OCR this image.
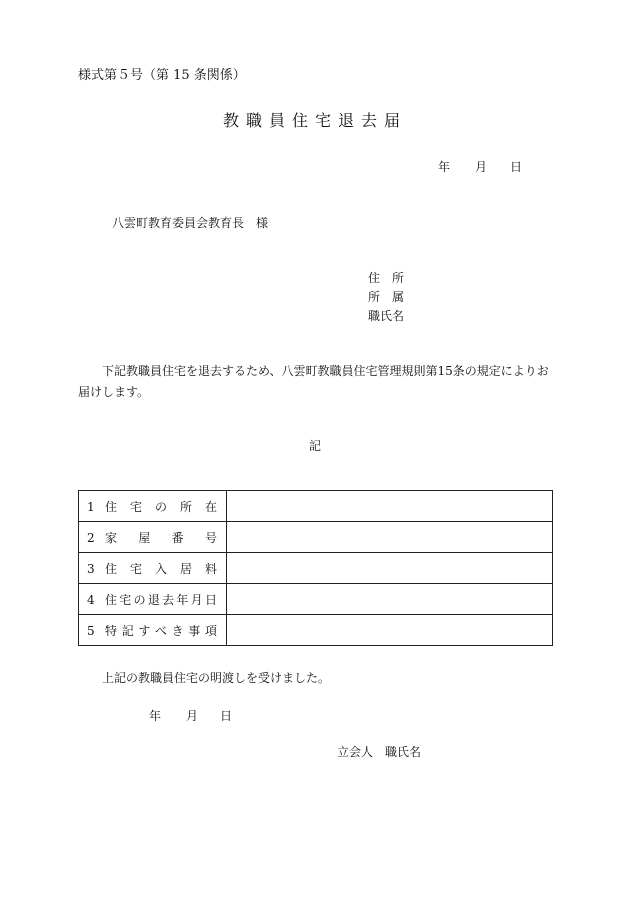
様式第５号（第 15 条関係）
教職員住宅退去届
年 月 日
八雲町教育委員会教育長　様
住　所
所　属
職氏名
下記教職員住宅を退去するため、八雲町教職員住宅管理規則第15条の規定によりお届けします。
記
1 住宅の所在	
2 家屋番号	
3 住宅入居料	
4 住宅の退去年月日	
5 特記すべき事項	
上記の教職員住宅の明渡しを受けました。
年 月 日
立会人　 職氏名
